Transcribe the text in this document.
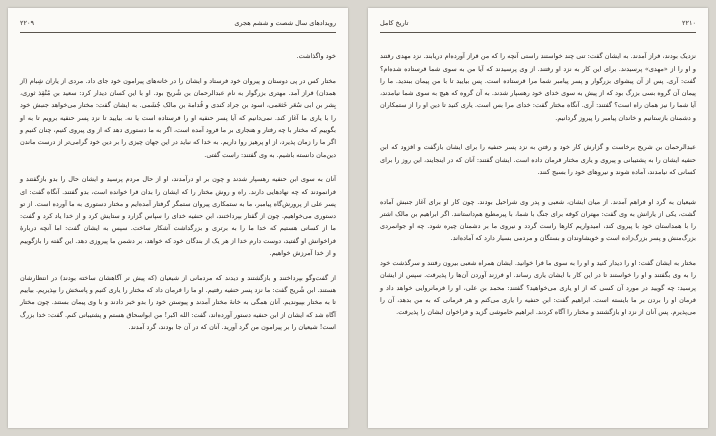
۲۲۰۹	رویدادهای سال شصت و ششم هجری

خود واگذاشت.

مختار کس در پی دوستان و پیروان خود فرستاد و ایشان را در خانه‌های پیرامون خود جای داد. مردی از یاران شِبام (از همدان) فراز آمد. مهتری بزرگوار به نام عبدالرحمان بن شُریح بود. او با این کسان دیدار کرد: سعید بن مُنْقِذ ثوری، بِشر بن ابی سُعَر خَثعَمی، اسود بن جراد کندی و قُدامة بن مالک جُشَمی. به ایشان گفت: مختار می‌خواهد جنبش خود را با یاری ما آغاز کند. نمی‌دانیم که آیا پسر حنفیه او را فرستاده است یا نه. بیایید تا نزد پسر حنفیه برویم تا به او بگوییم که مختار با چه رفتار و هنجاری بر ما فرود آمده است، اگر به ما دستوری دهد که از وی پیروی کنیم، چنان کنیم و اگر ما را زمان پذیرد، از او پرهیز روا داریم. به خدا که نباید در این جهان چیزی را بر دین خود گرامی‌تر از درست ماندن دین‌مان دانسته باشیم. به وی گفتند: راست گفتی.

آنان به سوی ابن حنفیه رهسپار شدند و چون بر او درآمدند، او از حال مردم پرسید و ایشان حال را بدو بازگفتند و فرانمودند که چه نهادهایی دارند. راه و روش مختار را که ایشان را بدان فرا خوانده است، بدو گفتند. آنگاه گفت: ای پسر علی از پرورش‌گاه پیامبر، ما به ستمکاری پیروان ستمگر گرفتار آمده‌ایم و مختار دستوری به ما آورده است. از تو دستوری می‌خواهیم. چون از گفتار بپرداختند، ابن حنفیه خدای را سپاس گزارد و ستایش کرد و از خدا یاد کرد و گفت: ما از کسانی هستیم که خدا ما را به برتری و بزرگداشت آشکار ساخت. سپس به ایشان گفت: اما آنچه دربارهٔ فراخوانش او گفتید، دوست دارم خدا از هر یک از بندگان خود که خواهد، بر دشمن ما پیروزی دهد. این گفته را بازگوییم و از خدا آمرزش خواهیم.

از گفت‌وگو بپرداختند و بازگشتند و دیدند که مردمانی از شیعیان (که پیش تر آگاهشان ساخته بودند) در انتظارشان هستند. ابن شُریح گفت: ما نزد پسر حنفیه رفتیم. او ما را فرمان داد که مختار را یاری کنیم و پاسخش را بپذیریم. بیاییم تا به مختار بپیوندیم. آنان همگی به خانهٔ مختار آمدند و پیوستن خود را بدو خبر دادند و با وی پیمان بستند. چون مختار آگاه شد که ایشان از ابن حنفیه دستور آورده‌اند، گفت: الله اکبر! من ابواسحاق هستم و پشتیبانی کنم. گفت: خدا بزرگ است! شیعیان را بر پیرامون من گرد آورید. آنان که در آن جا بودند، گرد آمدند.

تاریخ کامل	۲۲۱۰

نزدیک بودند، فراز آمدند. به ایشان گفت: تنی چند خواستند راستی آنچه را که من فراز آورده‌ام دریابند. نزد مهدی رفتند و او را از «مهدی» پرسیدند. برای این کار به نزد او رفتند. از وی پرسیدند که آیا من به سوی شما فرستاده شده‌ام؟ گفت: آری. پس از آن پیشوای بزرگوار و پسر پیامبر شما مرا فرستاده است. پس بیایید تا با من پیمان ببندید. ما را پیمان آن گروه بسی بزرگ بود که از پیش به سوی خدای خود رهسپار شدند. به آن گروه که هیچ به سوی شما نیامدند، آیا شما را نیز همان راه است؟ گفتند: آری. آنگاه مختار گفت: خدای مرا بس است. یاری کنید تا دین او را از ستمکاران و دشمنان بازستانیم و خاندان پیامبر را پیروز گردانیم.

عبدالرحمان بن شریح برخاست و گزارش کار خود و رفتن به نزد پسر حنفیه را برای ایشان بازگفت و افزود که ابن حنفیه ایشان را به پشتیبانی و پیروی و یاری مختار فرمان داده است. ایشان گفتند: آنان که در اینجایند، این روز را برای کسانی که نیامدند، آماده شوند و نیروهای خود را بسیج کنند.

شیعیان به گرد او فراهم آمدند. از میان ایشان، شعبی و پدر وی شراحیل بودند. چون کار او برای آغاز جنبش آماده گشت، یکی از یارانش به وی گفت: مهتران کوفه برای جنگ با شما، با پیرمطیع هم‌داستانند. اگر ابراهیم بن مالک اشتر را با همداستان خود با پیروی کند، امیدواریم کارها راست گردد و نیروی ما بر دشمنان چیره شود. چه او جوانمردی بزرگ‌منش و پسر بزرگ‌زاده است و خویشاوندان و بستگان و مردمی بسیار دارد که آماده‌اند.

مختار به ایشان گفت: او را دیدار کنید و او را به سوی ما فرا خوانید. ایشان همراه شعبی بیرون رفتند و سرگذشت خود را به وی بگفتند و او را خواستند تا در این کار با ایشان یاری رساند. او فرزند آوردن آن‌ها را پذیرفت. سپس از ایشان پرسید: چه گویید در مورد آن کسی که از او یاری می‌خواهید؟ گفتند: محمد بن علی، او را فرمانروایی خواهد داد و فرمان او را بردن بر ما بایسته است. ابراهیم گفت: ابن حنفیه را یاری می‌کنم و هر فرمانی که به من بدهد، آن را می‌پذیرم. پس آنان از نزد او بازگشتند و مختار را آگاه کردند. ابراهیم خاموشی گزید و فراخوان ایشان را پذیرفت.
